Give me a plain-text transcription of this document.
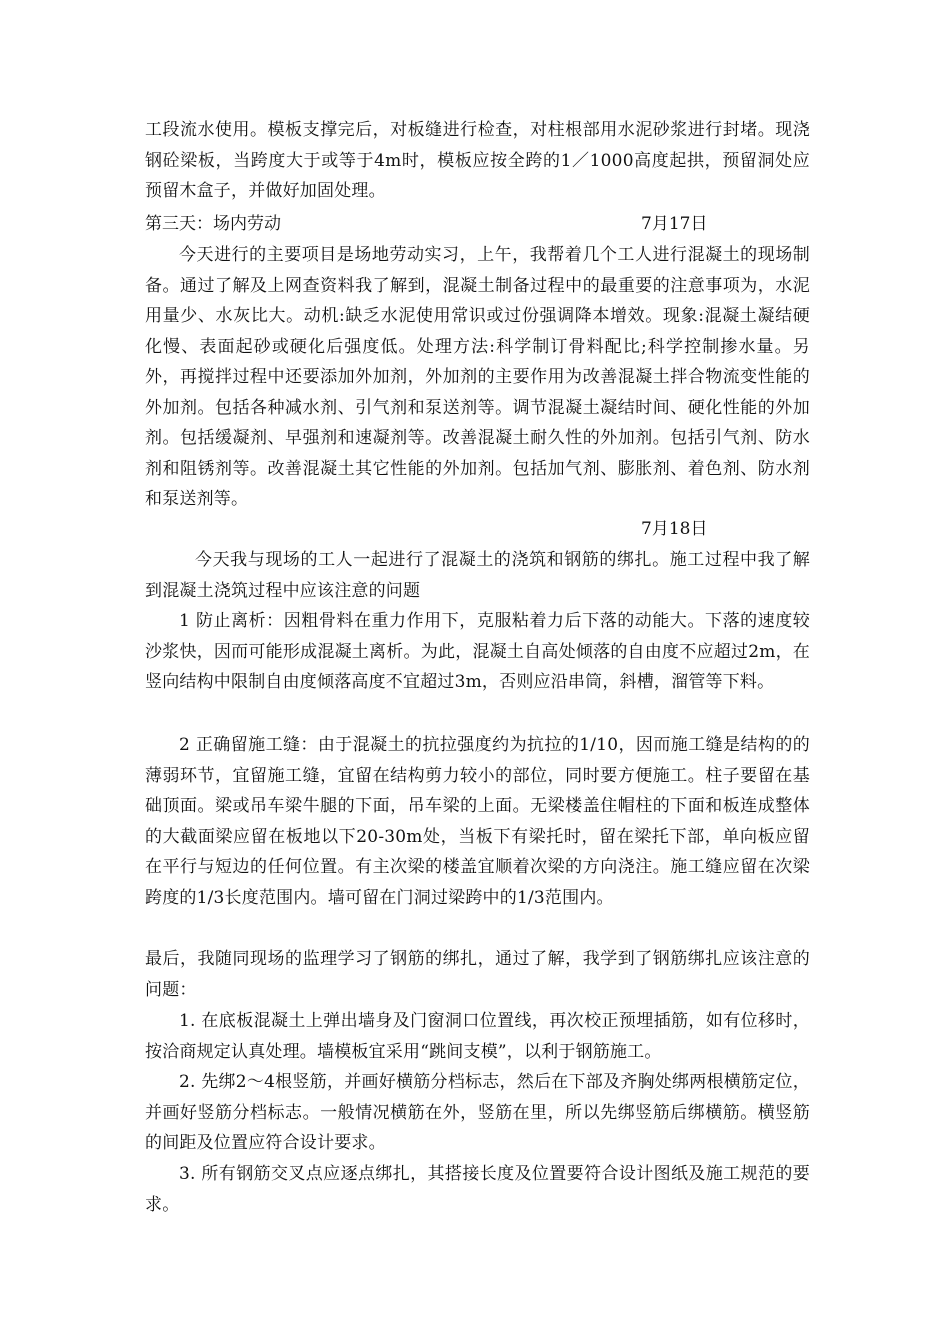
工段流水使用。模板支撑完后，对板缝进行检查，对柱根部用水泥砂浆进行封堵。现浇钢砼梁板，当跨度大于或等于4m时，模板应按全跨的1／1000高度起拱，预留洞处应预留木盒子，并做好加固处理。

第三天：场内劳动	7月17日

今天进行的主要项目是场地劳动实习，上午，我帮着几个工人进行混凝土的现场制备。通过了解及上网查资料我了解到，混凝土制备过程中的最重要的注意事项为，水泥用量少、水灰比大。动机:缺乏水泥使用常识或过份强调降本增效。现象:混凝土凝结硬化慢、表面起砂或硬化后强度低。处理方法:科学制订骨料配比;科学控制掺水量。另外，再搅拌过程中还要添加外加剂，外加剂的主要作用为改善混凝土拌合物流变性能的外加剂。包括各种减水剂、引气剂和泵送剂等。调节混凝土凝结时间、硬化性能的外加剂。包括缓凝剂、早强剂和速凝剂等。改善混凝土耐久性的外加剂。包括引气剂、防水剂和阻锈剂等。改善混凝土其它性能的外加剂。包括加气剂、膨胀剂、着色剂、防水剂和泵送剂等。

7月18日

今天我与现场的工人一起进行了混凝土的浇筑和钢筋的绑扎。施工过程中我了解到混凝土浇筑过程中应该注意的问题

1 防止离析：因粗骨料在重力作用下，克服粘着力后下落的动能大。下落的速度较沙浆快，因而可能形成混凝土离析。为此，混凝土自高处倾落的自由度不应超过2m，在竖向结构中限制自由度倾落高度不宜超过3m，否则应沿串筒，斜槽，溜管等下料。

2 正确留施工缝：由于混凝土的抗拉强度约为抗拉的1/10，因而施工缝是结构的的薄弱环节，宜留施工缝，宜留在结构剪力较小的部位，同时要方便施工。柱子要留在基础顶面。梁或吊车梁牛腿的下面，吊车梁的上面。无梁楼盖住帽柱的下面和板连成整体的大截面梁应留在板地以下20-30m处，当板下有梁托时，留在梁托下部，单向板应留在平行与短边的任何位置。有主次梁的楼盖宜顺着次梁的方向浇注。施工缝应留在次梁跨度的1/3长度范围内。墙可留在门洞过梁跨中的1/3范围内。

最后，我随同现场的监理学习了钢筋的绑扎，通过了解，我学到了钢筋绑扎应该注意的问题：

1. 在底板混凝土上弹出墙身及门窗洞口位置线，再次校正预埋插筋，如有位移时，按洽商规定认真处理。墙模板宜采用“跳间支模”，以利于钢筋施工。

2. 先绑2～4根竖筋，并画好横筋分档标志，然后在下部及齐胸处绑两根横筋定位，并画好竖筋分档标志。一般情况横筋在外，竖筋在里，所以先绑竖筋后绑横筋。横竖筋的间距及位置应符合设计要求。

3. 所有钢筋交叉点应逐点绑扎，其搭接长度及位置要符合设计图纸及施工规范的要求。
